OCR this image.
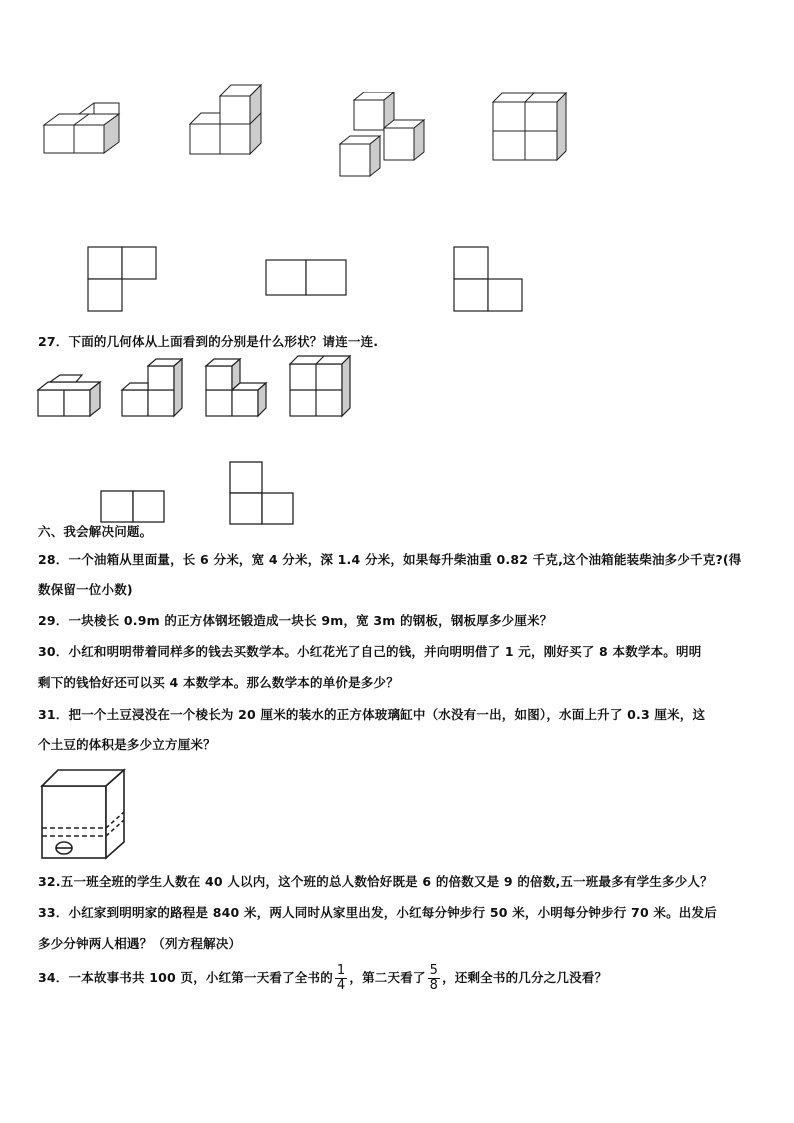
27．下面的几何体从上面看到的分别是什么形状？请连一连.
六、我会解决问题。
28．一个油箱从里面量，长 6 分米，宽 4 分米，深 1.4 分米，如果每升柴油重 0.82 千克,这个油箱能装柴油多少千克?(得
数保留一位小数)
29．一块棱长 0.9m 的正方体钢坯锻造成一块长 9m，宽 3m 的钢板，钢板厚多少厘米？
30．小红和明明带着同样多的钱去买数学本。小红花光了自己的钱，并向明明借了 1 元，刚好买了 8 本数学本。明明
剩下的钱恰好还可以买 4 本数学本。那么数学本的单价是多少？
31．把一个土豆浸没在一个棱长为 20 厘米的装水的正方体玻璃缸中（水没有一出，如图），水面上升了 0.3 厘米，这
个土豆的体积是多少立方厘米？
32.五一班全班的学生人数在 40 人以内，这个班的总人数恰好既是 6 的倍数又是 9 的倍数,五一班最多有学生多少人？
33．小红家到明明家的路程是 840 米，两人同时从家里出发，小红每分钟步行 50 米，小明每分钟步行 70 米。出发后
多少分钟两人相遇？（列方程解决）
34．一本故事书共 100 页，小红第一天看了全书的 $\frac{1}{4}$ ，第二天看了 $\frac{5}{8}$ ，还剩全书的几分之几没看？
